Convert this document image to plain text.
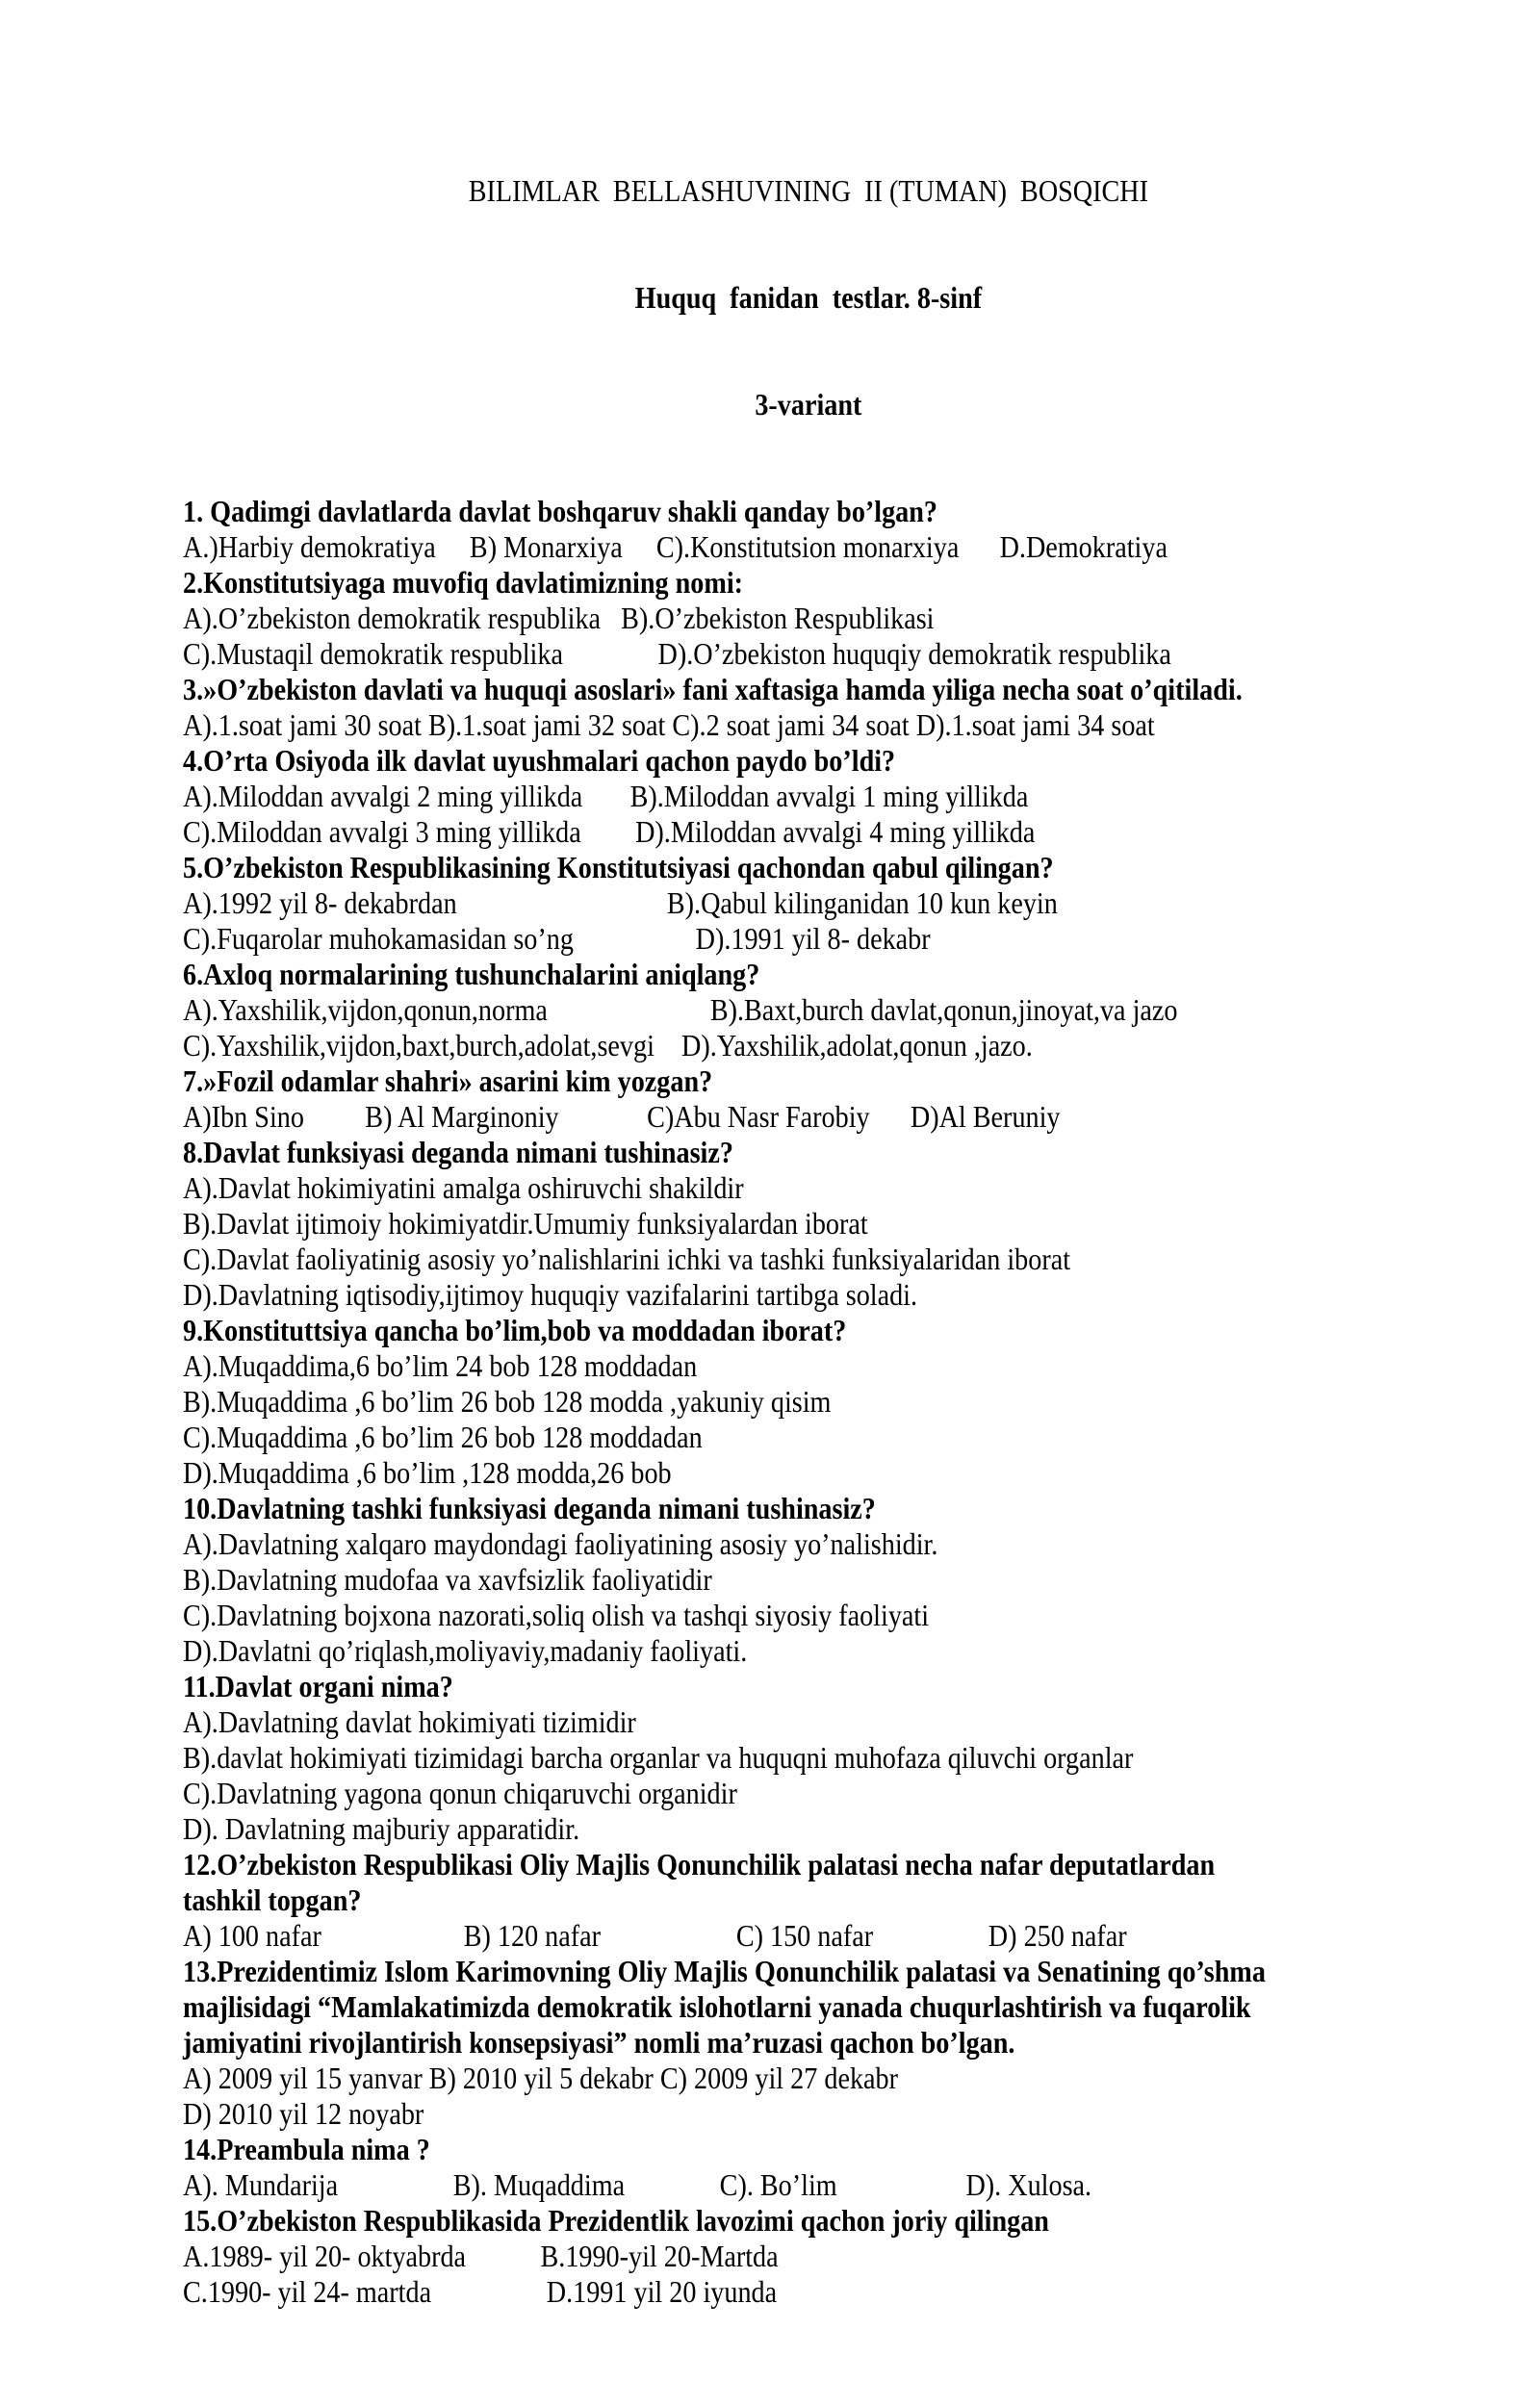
BILIMLAR  BELLASHUVINING  II (TUMAN)  BOSQICHI

Huquq  fanidan  testlar. 8-sinf

3-variant

1. Qadimgi davlatlarda davlat boshqaruv shakli qanday bo’lgan?
A.)Harbiy demokratiya     B) Monarxiya     C).Konstitutsion monarxiya      D.Demokratiya
2.Konstitutsiyaga muvofiq davlatimizning nomi:
A).O’zbekiston demokratik respublika   B).O’zbekiston Respublikasi
C).Mustaqil demokratik respublika              D).O’zbekiston huquqiy demokratik respublika
3.»O’zbekiston davlati va huquqi asoslari» fani xaftasiga hamda yiliga necha soat o’qitiladi.
A).1.soat jami 30 soat B).1.soat jami 32 soat C).2 soat jami 34 soat D).1.soat jami 34 soat
4.O’rta Osiyoda ilk davlat uyushmalari qachon paydo bo’ldi?
A).Miloddan avvalgi 2 ming yillikda       B).Miloddan avvalgi 1 ming yillikda
C).Miloddan avvalgi 3 ming yillikda        D).Miloddan avvalgi 4 ming yillikda
5.O’zbekiston Respublikasining Konstitutsiyasi qachondan qabul qilingan?
A).1992 yil 8- dekabrdan                               B).Qabul kilinganidan 10 kun keyin
C).Fuqarolar muhokamasidan so’ng                  D).1991 yil 8- dekabr
6.Axloq normalarining tushunchalarini aniqlang?
A).Yaxshilik,vijdon,qonun,norma                        B).Baxt,burch davlat,qonun,jinoyat,va jazo
C).Yaxshilik,vijdon,baxt,burch,adolat,sevgi    D).Yaxshilik,adolat,qonun ,jazo.
7.»Fozil odamlar shahri» asarini kim yozgan?
A)Ibn Sino         B) Al Marginoniy             C)Abu Nasr Farobiy      D)Al Beruniy
8.Davlat funksiyasi deganda nimani tushinasiz?
A).Davlat hokimiyatini amalga oshiruvchi shakildir
B).Davlat ijtimoiy hokimiyatdir.Umumiy funksiyalardan iborat
C).Davlat faoliyatinig asosiy yo’nalishlarini ichki va tashki funksiyalaridan iborat
D).Davlatning iqtisodiy,ijtimoy huquqiy vazifalarini tartibga soladi.
9.Konstituttsiya qancha bo’lim,bob va moddadan iborat?
A).Muqaddima,6 bo’lim 24 bob 128 moddadan
B).Muqaddima ,6 bo’lim 26 bob 128 modda ,yakuniy qisim
C).Muqaddima ,6 bo’lim 26 bob 128 moddadan
D).Muqaddima ,6 bo’lim ,128 modda,26 bob
10.Davlatning tashki funksiyasi deganda nimani tushinasiz?
A).Davlatning xalqaro maydondagi faoliyatining asosiy yo’nalishidir.
B).Davlatning mudofaa va xavfsizlik faoliyatidir
C).Davlatning bojxona nazorati,soliq olish va tashqi siyosiy faoliyati
D).Davlatni qo’riqlash,moliyaviy,madaniy faoliyati.
11.Davlat organi nima?
A).Davlatning davlat hokimiyati tizimidir
B).davlat hokimiyati tizimidagi barcha organlar va huquqni muhofaza qiluvchi organlar
C).Davlatning yagona qonun chiqaruvchi organidir
D). Davlatning majburiy apparatidir.
12.O’zbekiston Respublikasi Oliy Majlis Qonunchilik palatasi necha nafar deputatlardan
tashkil topgan?
A) 100 nafar                     B) 120 nafar                    C) 150 nafar                 D) 250 nafar
13.Prezidentimiz Islom Karimovning Oliy Majlis Qonunchilik palatasi va Senatining qo’shma
majlisidagi “Mamlakatimizda demokratik islohotlarni yanada chuqurlashtirish va fuqarolik
jamiyatini rivojlantirish konsepsiyasi” nomli ma’ruzasi qachon bo’lgan.
A) 2009 yil 15 yanvar B) 2010 yil 5 dekabr C) 2009 yil 27 dekabr
D) 2010 yil 12 noyabr
14.Preambula nima ?
A). Mundarija                 B). Muqaddima              C). Bo’lim                   D). Xulosa.
15.O’zbekiston Respublikasida Prezidentlik lavozimi qachon joriy qilingan
A.1989- yil 20- oktyabrda           B.1990-yil 20-Martda
C.1990- yil 24- martda                 D.1991 yil 20 iyunda
